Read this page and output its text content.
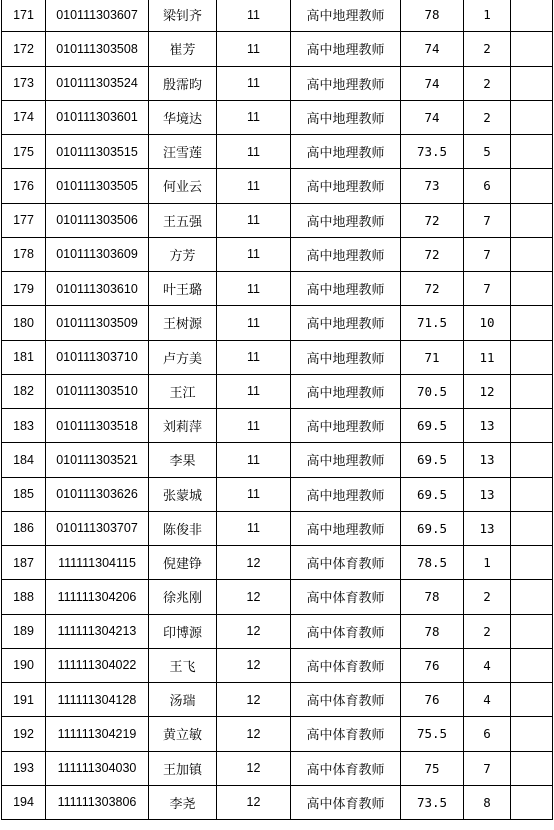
171	010111303607	梁钊齐	11	高中地理教师	78	1	
172	010111303508	崔芳	11	高中地理教师	74	2	
173	010111303524	殷霈昀	11	高中地理教师	74	2	
174	010111303601	华境达	11	高中地理教师	74	2	
175	010111303515	汪雪莲	11	高中地理教师	73.5	5	
176	010111303505	何业云	11	高中地理教师	73	6	
177	010111303506	王五强	11	高中地理教师	72	7	
178	010111303609	方芳	11	高中地理教师	72	7	
179	010111303610	叶王璐	11	高中地理教师	72	7	
180	010111303509	王树源	11	高中地理教师	71.5	10	
181	010111303710	卢方美	11	高中地理教师	71	11	
182	010111303510	王江	11	高中地理教师	70.5	12	
183	010111303518	刘莉萍	11	高中地理教师	69.5	13	
184	010111303521	李果	11	高中地理教师	69.5	13	
185	010111303626	张蒙城	11	高中地理教师	69.5	13	
186	010111303707	陈俊非	11	高中地理教师	69.5	13	
187	111111304115	倪建铮	12	高中体育教师	78.5	1	
188	111111304206	徐兆刚	12	高中体育教师	78	2	
189	111111304213	印博源	12	高中体育教师	78	2	
190	111111304022	王飞	12	高中体育教师	76	4	
191	111111304128	汤瑞	12	高中体育教师	76	4	
192	111111304219	黄立敏	12	高中体育教师	75.5	6	
193	111111304030	王加镇	12	高中体育教师	75	7	
194	111111303806	李尧	12	高中体育教师	73.5	8	
